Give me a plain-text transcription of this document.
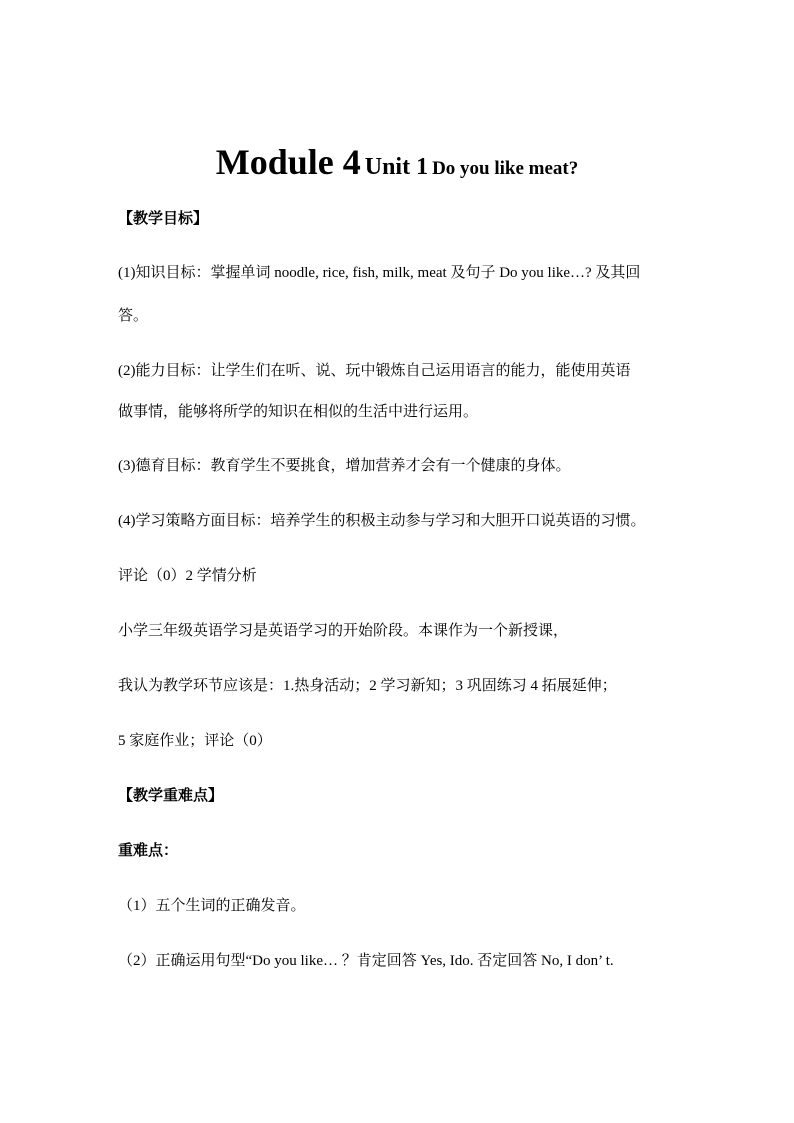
Module 4 Unit 1 Do you like meat?
【教学目标】
(1)知识目标：掌握单词 noodle, rice, fish, milk, meat 及句子 Do you like…? 及其回
答。
(2)能力目标：让学生们在听、说、玩中锻炼自己运用语言的能力，能使用英语
做事情，能够将所学的知识在相似的生活中进行运用。
(3)德育目标：教育学生不要挑食，增加营养才会有一个健康的身体。
(4)学习策略方面目标：培养学生的积极主动参与学习和大胆开口说英语的习惯。
评论（0）2 学情分析
小学三年级英语学习是英语学习的开始阶段。本课作为一个新授课，
我认为教学环节应该是：1.热身活动；2 学习新知；3 巩固练习 4 拓展延伸；
5 家庭作业；评论（0）
【教学重难点】
重难点：
（1）五个生词的正确发音。
（2）正确运用句型“Do you like… ？肯定回答 Yes, Ido. 否定回答 No, I don’ t.
